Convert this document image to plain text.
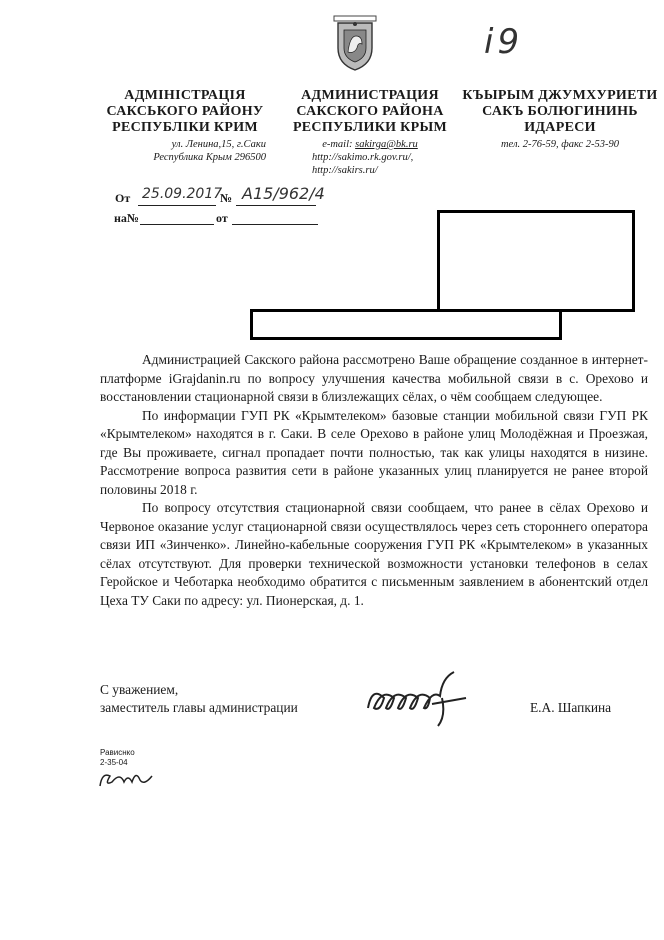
i9
АДМІНІСТРАЦІЯ
САКСЬКОГО РАЙОНУ
РЕСПУБЛІКИ КРИМ
ул. Ленина,15, г.Саки
Республика Крым 296500
АДМИНИСТРАЦИЯ
САКСКОГО РАЙОНА
РЕСПУБЛИКИ КРЫМ
e-mail: sakirga@bk.ru
http://sakimo.rk.gov.ru/,
http://sakirs.ru/
КЪЫРЫМ ДЖУМХУРИЕТИ
САКЪ БОЛЮГИНИНЬ
ИДАРЕСИ
тел. 2-76-59, факс 2-53-90
От 25.09.2017
№ А15/962/4
на№	от

Администрацией Сакского района рассмотрено Ваше обращение созданное в интернет-платформе iGrajdanin.ru по вопросу улучшения качества мобильной связи в с. Орехово и восстановлении стационарной связи в близлежащих сёлах, о чём сообщаем следующее.

По информации ГУП РК «Крымтелеком» базовые станции мобильной связи ГУП РК «Крымтелеком» находятся в г. Саки. В селе Орехово в районе улиц Молодёжная и Проезжая, где Вы проживаете, сигнал пропадает почти полностью, так как улицы находятся в низине. Рассмотрение вопроса развития сети в районе указанных улиц планируется не ранее второй половины 2018 г.

По вопросу отсутствия стационарной связи сообщаем, что ранее в сёлах Орехово и Червоное оказание услуг стационарной связи осуществлялось через сеть стороннего оператора связи ИП «Зинченко». Линейно-кабельные сооружения ГУП РК «Крымтелеком» в указанных сёлах отсутствуют. Для проверки технической возможности установки телефонов в селах Геройское и Чеботарка необходимо обратится с письменным заявлением в абонентский отдел Цеха ТУ Саки по адресу: ул. Пионерская, д. 1.

С уважением,
заместитель главы администрации	Е.А. Шапкина
Рависнко
2-35-04
